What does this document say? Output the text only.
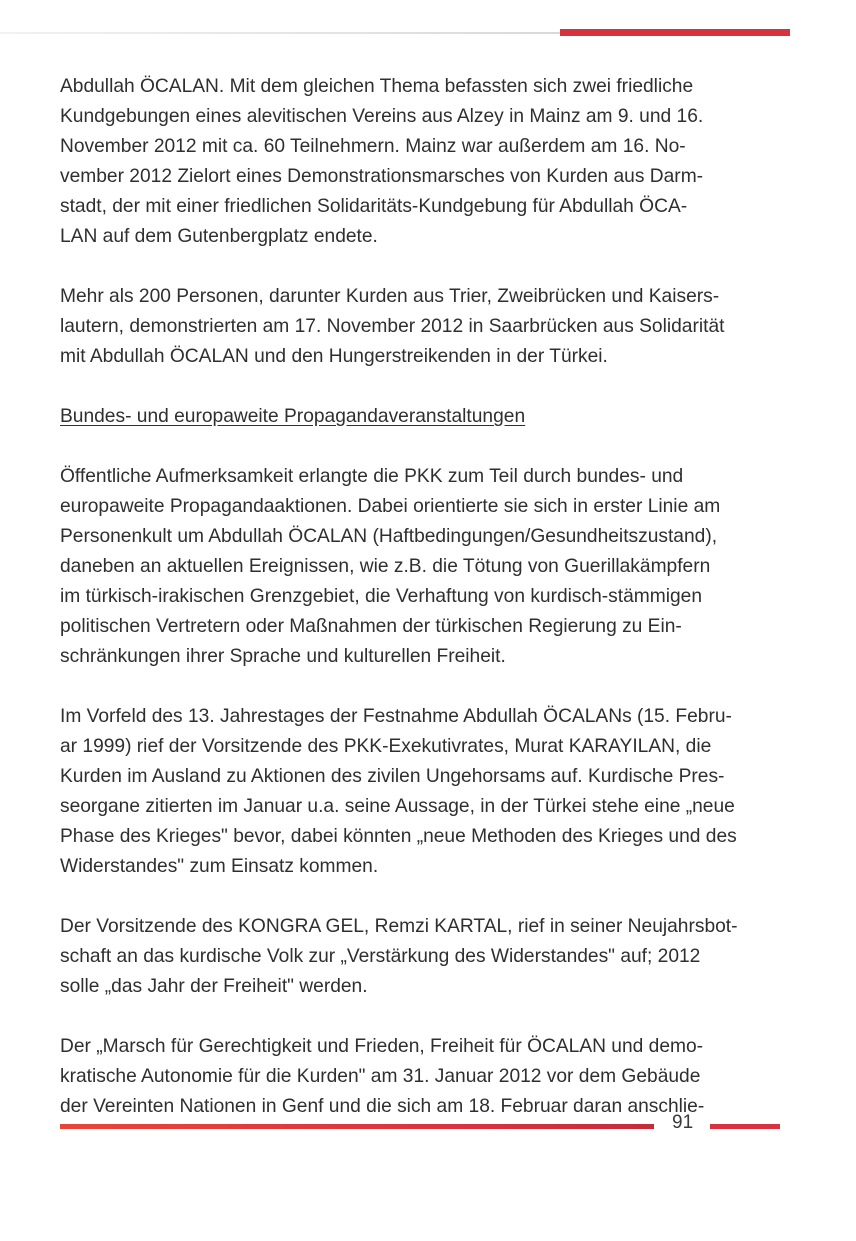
Abdullah ÖCALAN. Mit dem gleichen Thema befassten sich zwei friedliche
Kundgebungen eines alevitischen Vereins aus Alzey in Mainz am 9. und 16.
November 2012 mit ca. 60 Teilnehmern. Mainz war außerdem am 16. No-
vember 2012 Zielort eines Demonstrationsmarsches von Kurden aus Darm-
stadt, der mit einer friedlichen Solidaritäts-Kundgebung für Abdullah ÖCA-
LAN auf dem Gutenbergplatz endete.

Mehr als 200 Personen, darunter Kurden aus Trier, Zweibrücken und Kaisers-
lautern, demonstrierten am 17. November 2012 in Saarbrücken aus Solidarität
mit Abdullah ÖCALAN und den Hungerstreikenden in der Türkei.

Bundes- und europaweite Propagandaveranstaltungen

Öffentliche Aufmerksamkeit erlangte die PKK zum Teil durch bundes- und
europaweite Propagandaaktionen. Dabei orientierte sie sich in erster Linie am
Personenkult um Abdullah ÖCALAN (Haftbedingungen/Gesundheitszustand),
daneben an aktuellen Ereignissen, wie z.B. die Tötung von Guerillakämpfern
im türkisch-irakischen Grenzgebiet, die Verhaftung von kurdisch-stämmigen
politischen Vertretern oder Maßnahmen der türkischen Regierung zu Ein-
schränkungen ihrer Sprache und kulturellen Freiheit.

Im Vorfeld des 13. Jahrestages der Festnahme Abdullah ÖCALANs (15. Febru-
ar 1999) rief der Vorsitzende des PKK-Exekutivrates, Murat KARAYILAN, die
Kurden im Ausland zu Aktionen des zivilen Ungehorsams auf. Kurdische Pres-
seorgane zitierten im Januar u.a. seine Aussage, in der Türkei stehe eine „neue
Phase des Krieges" bevor, dabei könnten „neue Methoden des Krieges und des
Widerstandes" zum Einsatz kommen.

Der Vorsitzende des KONGRA GEL, Remzi KARTAL, rief in seiner Neujahrsbot-
schaft an das kurdische Volk zur „Verstärkung des Widerstandes" auf; 2012
solle „das Jahr der Freiheit" werden.

Der „Marsch für Gerechtigkeit und Frieden, Freiheit für ÖCALAN und demo-
kratische Autonomie für die Kurden" am 31. Januar 2012 vor dem Gebäude
der Vereinten Nationen in Genf und die sich am 18. Februar daran anschlie-

91
